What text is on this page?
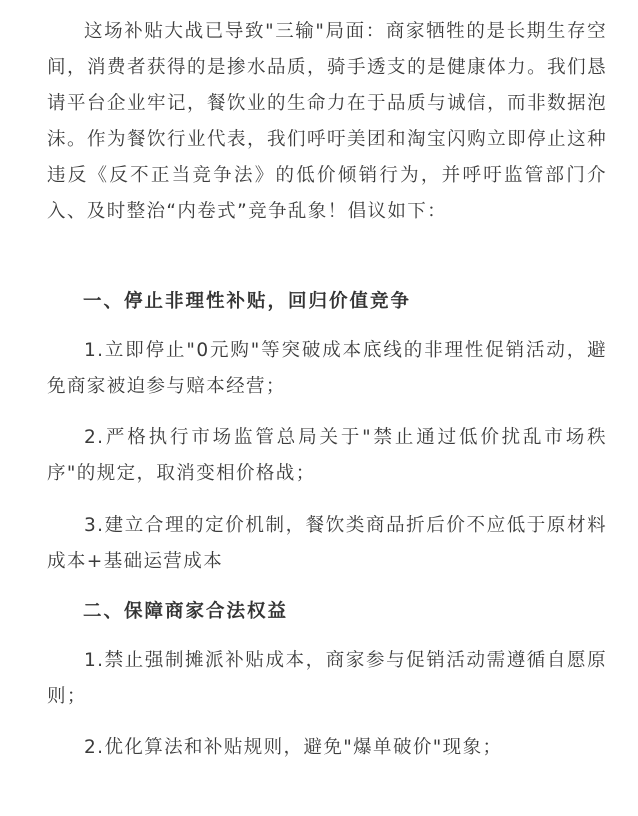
这场补贴大战已导致"三输"局面：商家牺牲的是长期生存空间，消费者获得的是掺水品质，骑手透支的是健康体力。我们恳请平台企业牢记，餐饮业的生命力在于品质与诚信，而非数据泡沫。作为餐饮行业代表，我们呼吁美团和淘宝闪购立即停止这种违反《反不正当竞争法》的低价倾销行为，并呼吁监管部门介入、及时整治“内卷式”竞争乱象！倡议如下：

一、停止非理性补贴，回归价值竞争

1.立即停止"0元购"等突破成本底线的非理性促销活动，避免商家被迫参与赔本经营；

2.严格执行市场监管总局关于"禁止通过低价扰乱市场秩序"的规定，取消变相价格战；

3.建立合理的定价机制，餐饮类商品折后价不应低于原材料成本+基础运营成本

二、保障商家合法权益

1.禁止强制摊派补贴成本，商家参与促销活动需遵循自愿原则；

2.优化算法和补贴规则，避免"爆单破价"现象；
